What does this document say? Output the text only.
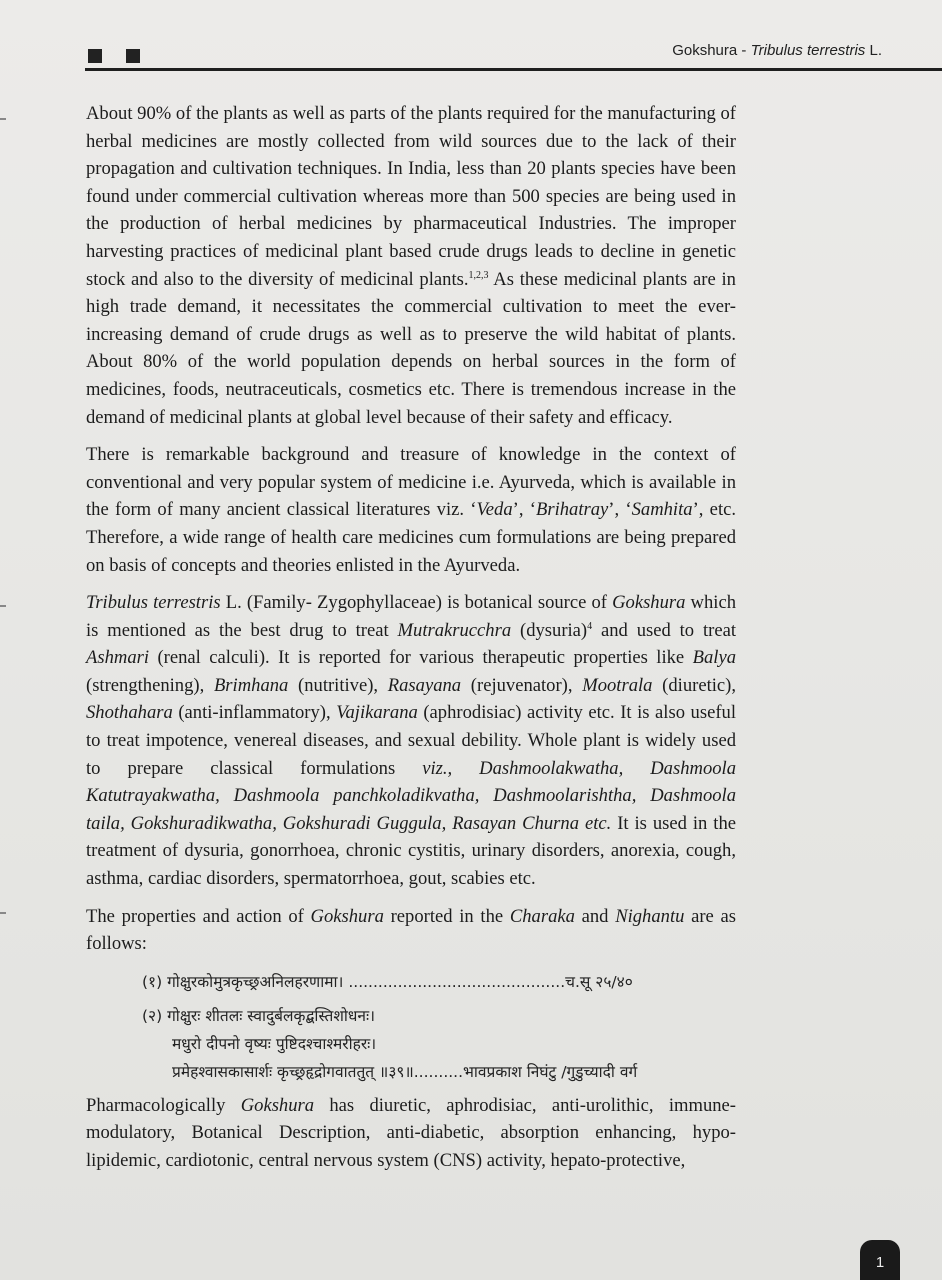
Gokshura - Tribulus terrestris L.

About 90% of the plants as well as parts of the plants required for the manufacturing of herbal medicines are mostly collected from wild sources due to the lack of their propagation and cultivation techniques. In India, less than 20 plants species have been found under commercial cultivation whereas more than 500 species are being used in the production of herbal medicines by pharmaceutical Industries. The improper harvesting practices of medicinal plant based crude drugs leads to decline in genetic stock and also to the diversity of medicinal plants.$^{1,2,3}$ As these medicinal plants are in high trade demand, it necessitates the commercial cultivation to meet the ever-increasing demand of crude drugs as well as to preserve the wild habitat of plants. About 80% of the world population depends on herbal sources in the form of medicines, foods, neutraceuticals, cosmetics etc. There is tremendous increase in the demand of medicinal plants at global level because of their safety and efficacy.

There is remarkable background and treasure of knowledge in the context of conventional and very popular system of medicine i.e. Ayurveda, which is available in the form of many ancient classical literatures viz. ‘Veda’, ‘Brihatray’, ‘Samhita’, etc. Therefore, a wide range of health care medicines cum formulations are being prepared on basis of concepts and theories enlisted in the Ayurveda.

Tribulus terrestris L. (Family- Zygophyllaceae) is botanical source of Gokshura which is mentioned as the best drug to treat Mutrakrucchra (dysuria)$^4$ and used to treat Ashmari (renal calculi). It is reported for various therapeutic properties like Balya (strengthening), Brimhana (nutritive), Rasayana (rejuvenator), Mootrala (diuretic), Shothahara (anti-inflammatory), Vajikarana (aphrodisiac) activity etc. It is also useful to treat impotence, venereal diseases, and sexual debility. Whole plant is widely used to prepare classical formulations viz., Dashmoolakwatha, Dashmoola Katutrayakwatha, Dashmoola panchkoladikvatha, Dashmoolarishtha, Dashmoola taila, Gokshuradikwatha, Gokshuradi Guggula, Rasayan Churna etc. It is used in the treatment of dysuria, gonorrhoea, chronic cystitis, urinary disorders, anorexia, cough, asthma, cardiac disorders, spermatorrhoea, gout, scabies etc.

The properties and action of Gokshura reported in the Charaka and Nighantu are as follows:

(१) गोक्षुरकोमुत्रकृच्छ्रअनिलहरणामा। ............................................च.सू २५/४०
(२) गोक्षुरः शीतलः स्वादुर्बलकृद्बस्तिशोधनः।
मधुरो दीपनो वृष्यः पुष्टिदश्चाश्मरीहरः।
प्रमेहश्वासकासार्शः कृच्छ्रहृद्रोगवाततुत् ॥३९॥..........भावप्रकाश निघंटु /गुडुच्यादी वर्ग

Pharmacologically Gokshura has diuretic, aphrodisiac, anti-urolithic, immune-modulatory, Botanical Description, anti-diabetic, absorption enhancing, hypo-lipidemic, cardiotonic, central nervous system (CNS) activity, hepato-protective,

1
